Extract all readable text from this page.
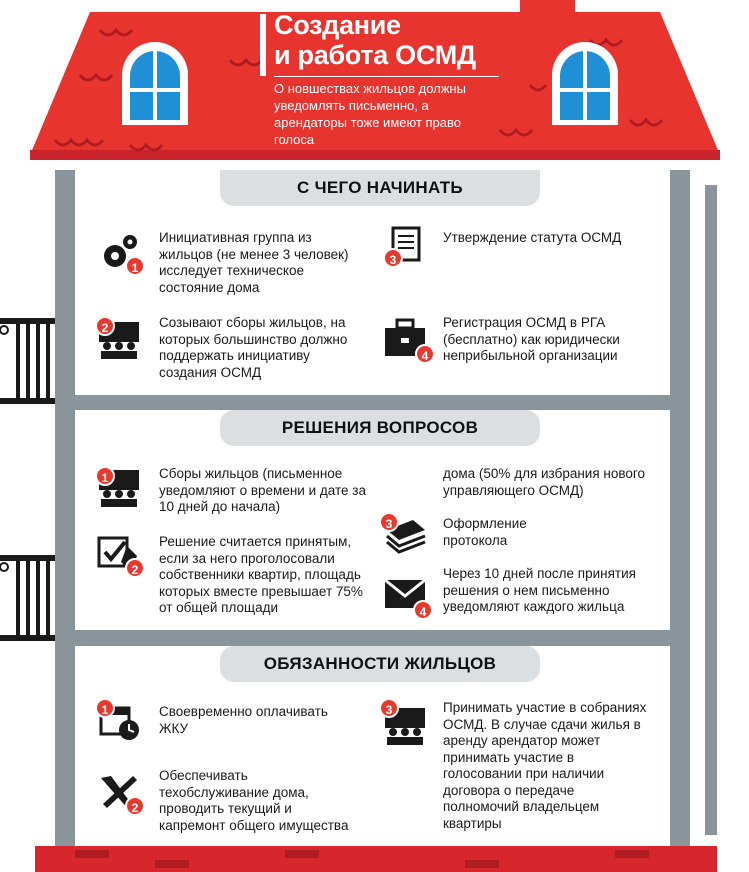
Создание
и работа ОСМД

О новшествах жильцов должны уведомлять письменно, а арендаторы тоже имеют право голоса

С ЧЕГО НАЧИНАТЬ
1
Инициативная группа из жильцов (не менее 3 человек) исследует техническое состояние дома
2	Созывают сборы жильцов, на которых большинство должно поддержать инициативу создания ОСМД
3
Утверждение статута ОСМД
4
Регистрация ОСМД в РГА (бесплатно) как юридически неприбыльной организации
РЕШЕНИЯ ВОПРОСОВ
1	Сборы жильцов (письменное уведомляют о времени и дате за 10 дней до начала)
2
Решение считается принятым, если за него проголосовали собственники квартир, площадь которых вместе превышает 75% от общей площади
дома (50% для избрания нового управляющего ОСМД)
3	Оформление протокола
4
Через 10 дней после принятия решения о нем письменно уведомляют каждого жильца
ОБЯЗАННОСТИ ЖИЛЬЦОВ
1	Своевременно оплачивать ЖКУ
2
Обеспечивать техобслуживание дома, проводить текущий и капремонт общего имущества
3	Принимать участие в собраниях ОСМД. В случае сдачи жилья в аренду арендатор может принимать участие в голосовании при наличии договора о передаче полномочий владельцем квартиры
